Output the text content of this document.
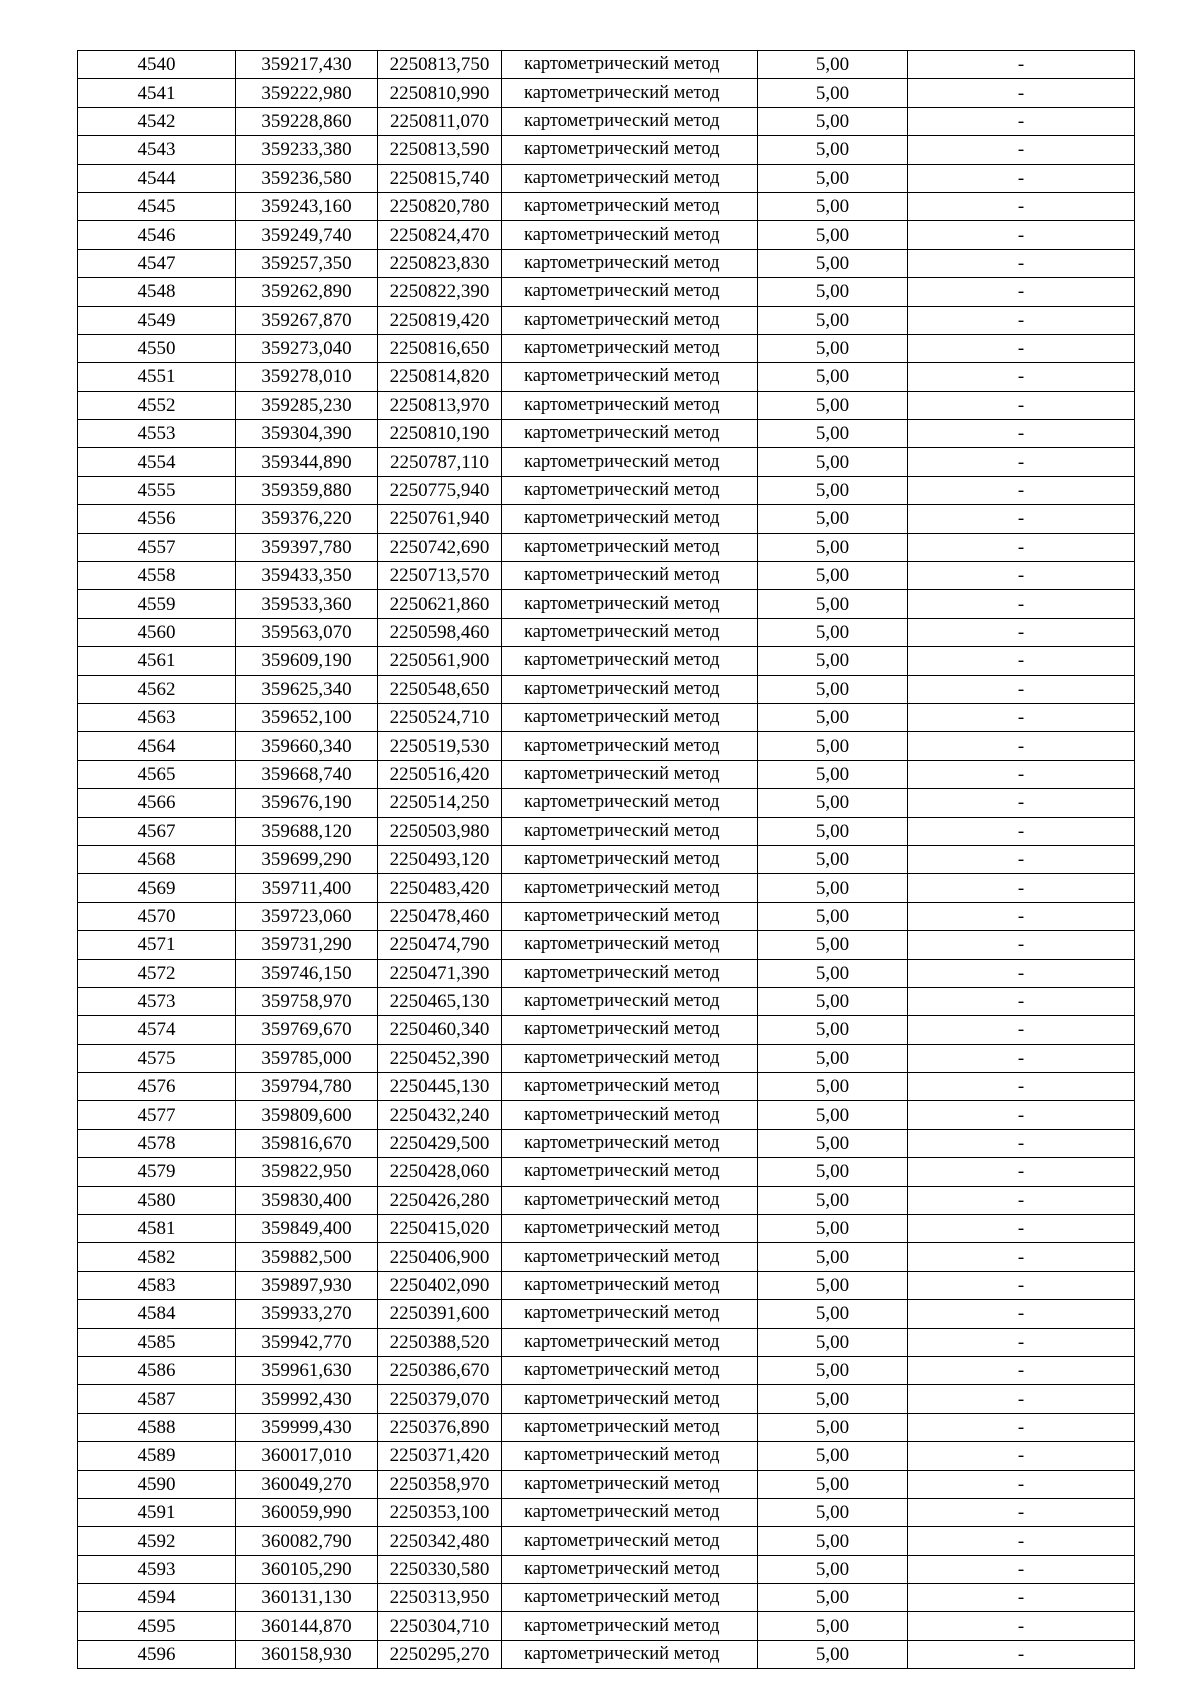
4540	359217,430	2250813,750	картометрический метод	5,00	-
4541	359222,980	2250810,990	картометрический метод	5,00	-
4542	359228,860	2250811,070	картометрический метод	5,00	-
4543	359233,380	2250813,590	картометрический метод	5,00	-
4544	359236,580	2250815,740	картометрический метод	5,00	-
4545	359243,160	2250820,780	картометрический метод	5,00	-
4546	359249,740	2250824,470	картометрический метод	5,00	-
4547	359257,350	2250823,830	картометрический метод	5,00	-
4548	359262,890	2250822,390	картометрический метод	5,00	-
4549	359267,870	2250819,420	картометрический метод	5,00	-
4550	359273,040	2250816,650	картометрический метод	5,00	-
4551	359278,010	2250814,820	картометрический метод	5,00	-
4552	359285,230	2250813,970	картометрический метод	5,00	-
4553	359304,390	2250810,190	картометрический метод	5,00	-
4554	359344,890	2250787,110	картометрический метод	5,00	-
4555	359359,880	2250775,940	картометрический метод	5,00	-
4556	359376,220	2250761,940	картометрический метод	5,00	-
4557	359397,780	2250742,690	картометрический метод	5,00	-
4558	359433,350	2250713,570	картометрический метод	5,00	-
4559	359533,360	2250621,860	картометрический метод	5,00	-
4560	359563,070	2250598,460	картометрический метод	5,00	-
4561	359609,190	2250561,900	картометрический метод	5,00	-
4562	359625,340	2250548,650	картометрический метод	5,00	-
4563	359652,100	2250524,710	картометрический метод	5,00	-
4564	359660,340	2250519,530	картометрический метод	5,00	-
4565	359668,740	2250516,420	картометрический метод	5,00	-
4566	359676,190	2250514,250	картометрический метод	5,00	-
4567	359688,120	2250503,980	картометрический метод	5,00	-
4568	359699,290	2250493,120	картометрический метод	5,00	-
4569	359711,400	2250483,420	картометрический метод	5,00	-
4570	359723,060	2250478,460	картометрический метод	5,00	-
4571	359731,290	2250474,790	картометрический метод	5,00	-
4572	359746,150	2250471,390	картометрический метод	5,00	-
4573	359758,970	2250465,130	картометрический метод	5,00	-
4574	359769,670	2250460,340	картометрический метод	5,00	-
4575	359785,000	2250452,390	картометрический метод	5,00	-
4576	359794,780	2250445,130	картометрический метод	5,00	-
4577	359809,600	2250432,240	картометрический метод	5,00	-
4578	359816,670	2250429,500	картометрический метод	5,00	-
4579	359822,950	2250428,060	картометрический метод	5,00	-
4580	359830,400	2250426,280	картометрический метод	5,00	-
4581	359849,400	2250415,020	картометрический метод	5,00	-
4582	359882,500	2250406,900	картометрический метод	5,00	-
4583	359897,930	2250402,090	картометрический метод	5,00	-
4584	359933,270	2250391,600	картометрический метод	5,00	-
4585	359942,770	2250388,520	картометрический метод	5,00	-
4586	359961,630	2250386,670	картометрический метод	5,00	-
4587	359992,430	2250379,070	картометрический метод	5,00	-
4588	359999,430	2250376,890	картометрический метод	5,00	-
4589	360017,010	2250371,420	картометрический метод	5,00	-
4590	360049,270	2250358,970	картометрический метод	5,00	-
4591	360059,990	2250353,100	картометрический метод	5,00	-
4592	360082,790	2250342,480	картометрический метод	5,00	-
4593	360105,290	2250330,580	картометрический метод	5,00	-
4594	360131,130	2250313,950	картометрический метод	5,00	-
4595	360144,870	2250304,710	картометрический метод	5,00	-
4596	360158,930	2250295,270	картометрический метод	5,00	-
